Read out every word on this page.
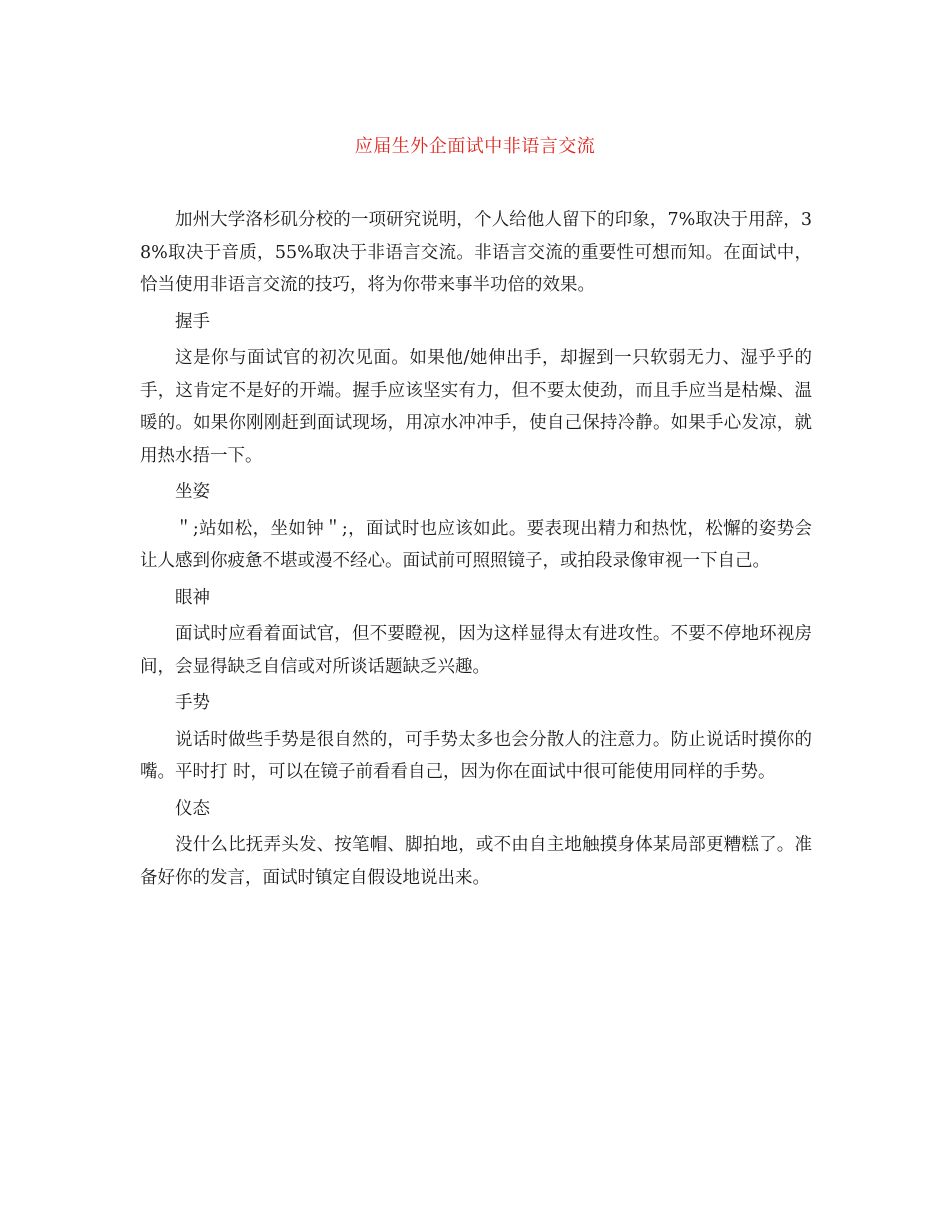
应届生外企面试中非语言交流

加州大学洛杉矶分校的一项研究说明，个人给他人留下的印象，7%取决于用辞，38%取决于音质，55%取决于非语言交流。非语言交流的重要性可想而知。在面试中，恰当使用非语言交流的技巧，将为你带来事半功倍的效果。

握手

这是你与面试官的初次见面。如果他/她伸出手，却握到一只软弱无力、湿乎乎的手，这肯定不是好的开端。握手应该坚实有力，但不要太使劲，而且手应当是枯燥、温暖的。如果你刚刚赶到面试现场，用凉水冲冲手，使自己保持冷静。如果手心发凉，就用热水捂一下。

坐姿

＂;站如松，坐如钟＂;，面试时也应该如此。要表现出精力和热忱，松懈的姿势会让人感到你疲惫不堪或漫不经心。面试前可照照镜子，或拍段录像审视一下自己。

眼神

面试时应看着面试官，但不要瞪视，因为这样显得太有进攻性。不要不停地环视房间，会显得缺乏自信或对所谈话题缺乏兴趣。

手势

说话时做些手势是很自然的，可手势太多也会分散人的注意力。防止说话时摸你的嘴。平时打 时，可以在镜子前看看自己，因为你在面试中很可能使用同样的手势。

仪态

没什么比抚弄头发、按笔帽、脚拍地，或不由自主地触摸身体某局部更糟糕了。准备好你的发言，面试时镇定自假设地说出来。
